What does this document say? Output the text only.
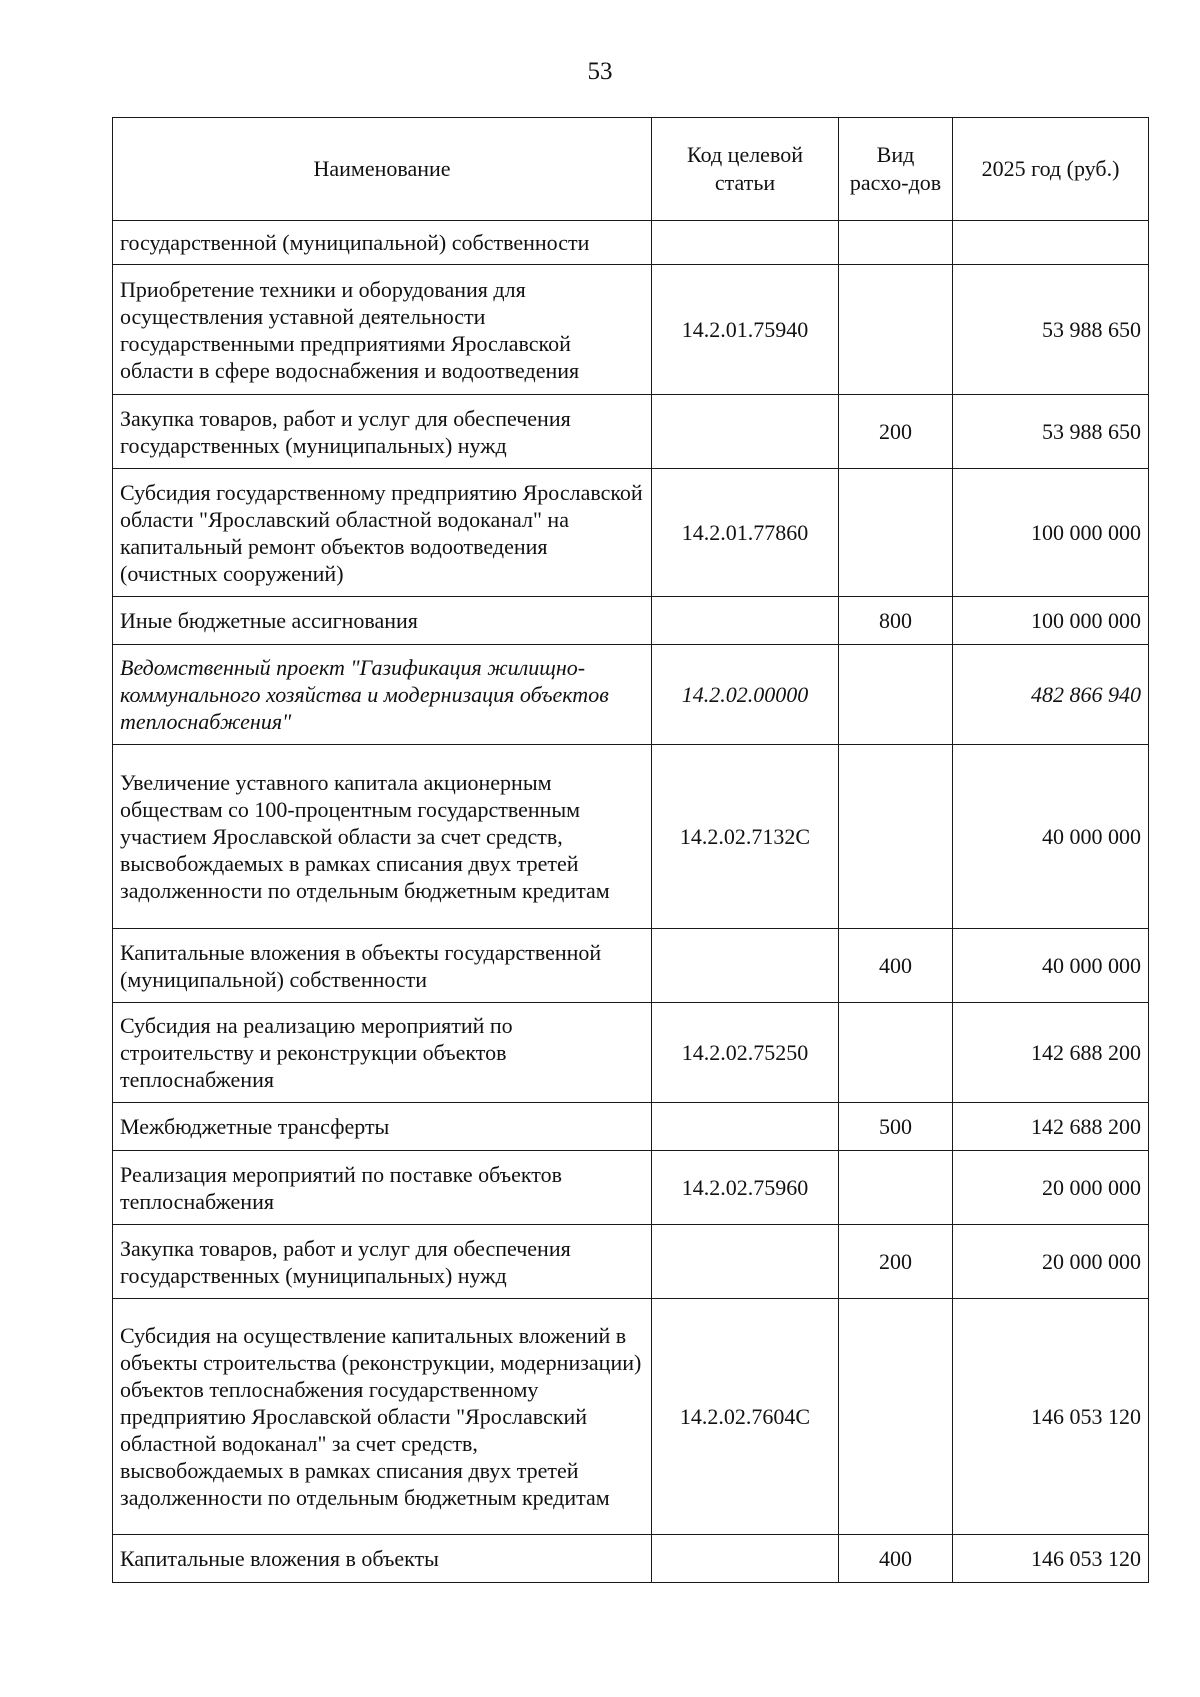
53
Наименование	Код целевой статьи	Вид расхо-дов	2025 год (руб.)
государственной (муниципальной) собственности			
Приобретение техники и оборудования для осуществления уставной деятельности государственными предприятиями Ярославской области в сфере водоснабжения и водоотведения	14.2.01.75940		53 988 650
Закупка товаров, работ и услуг для обеспечения государственных (муниципальных) нужд		200	53 988 650
Субсидия государственному предприятию Ярославской области "Ярославский областной водоканал" на капитальный ремонт объектов водоотведения (очистных сооружений)	14.2.01.77860		100 000 000
Иные бюджетные ассигнования		800	100 000 000
Ведомственный проект "Газификация жилищно-коммунального хозяйства и модернизация объектов теплоснабжения"	14.2.02.00000		482 866 940
Увеличение уставного капитала акционерным обществам со 100-процентным государственным участием Ярославской области за счет средств, высвобождаемых в рамках списания двух третей задолженности по отдельным бюджетным кредитам	14.2.02.7132С		40 000 000
Капитальные вложения в объекты государственной (муниципальной) собственности		400	40 000 000
Субсидия на реализацию мероприятий по строительству и реконструкции объектов теплоснабжения	14.2.02.75250		142 688 200
Межбюджетные трансферты		500	142 688 200
Реализация мероприятий по поставке объектов теплоснабжения	14.2.02.75960		20 000 000
Закупка товаров, работ и услуг для обеспечения государственных (муниципальных) нужд		200	20 000 000
Субсидия на осуществление капитальных вложений в объекты строительства (реконструкции, модернизации) объектов теплоснабжения государственному предприятию Ярославской области "Ярославский областной водоканал" за счет средств, высвобождаемых в рамках списания двух третей задолженности по отдельным бюджетным кредитам	14.2.02.7604С		146 053 120
Капитальные вложения в объекты		400	146 053 120
